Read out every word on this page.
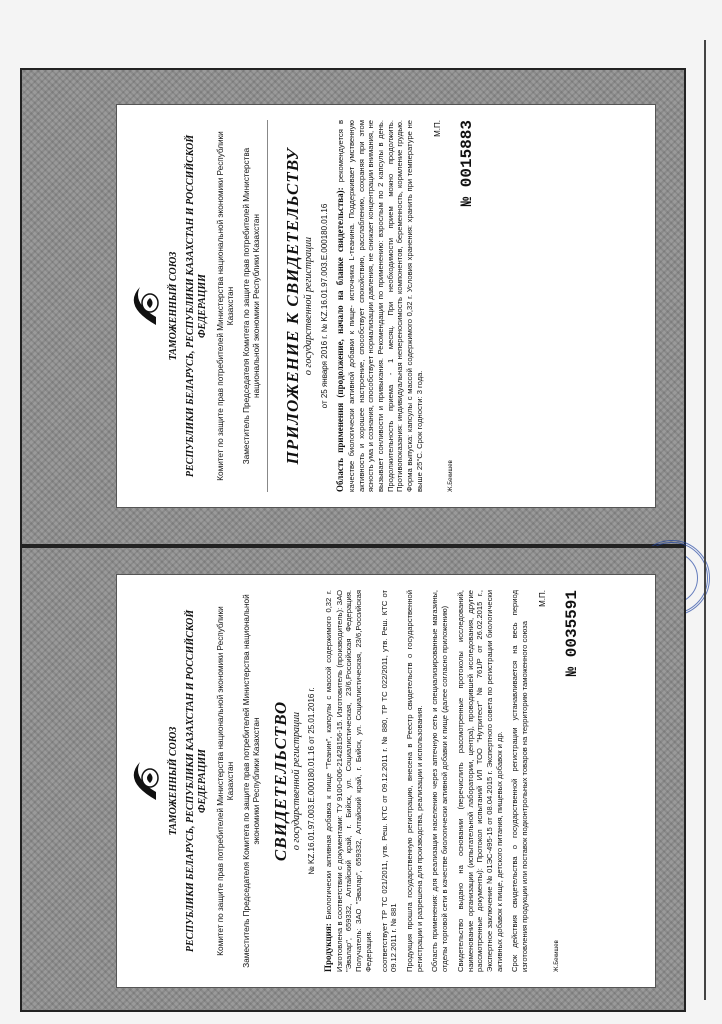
ТАМОЖЕННЫЙ СОЮЗ РЕСПУБЛИКИ БЕЛАРУСЬ, РЕСПУБЛИКИ КАЗАХСТАН И РОССИЙСКОЙ ФЕДЕРАЦИИ Комитет по защите прав потребителей Министерства национальной экономики Республики Казахстан Заместитель Председателя Комитета по защите прав потребителей Министерства национальной экономики Республики Казахстан
ПРИЛОЖЕНИЕ К СВИДЕТЕЛЬСТВУ о государственной регистрации от 25 января 2016 г. № KZ.16.01.97.003.E.000180.01.16 Область применения (продолжение, начало на бланке свидетельства): рекомендуется в качестве биологически активной добавки к пище- источника L-теанина. Поддерживает умственную активность и хорошее настроение, способствует спокойствию, расслаблению, сохраняя при этом ясность ума и сознания, способствует нормализации давления, не снижает концентрации внимания, не вызывает сонливости и привыкания. Рекомендации по применению: взрослым по 2 капсулы в день. Продолжительность приема - 1 месяц. При необходимости прием можно продолжить. Противопоказания: индивидуальная непереносимость компонентов, беременность, кормление грудью. Форма выпуска: капсулы с массой содержимого 0,32 г. Условия хранения: хранить при температуре не выше 25°С. Срок годности: 3 года.
М.П.
Ж.Бекишев
№ 0015883
ТАМОЖЕННЫЙ СОЮЗ РЕСПУБЛИКИ БЕЛАРУСЬ, РЕСПУБЛИКИ КАЗАХСТАН И РОССИЙСКОЙ ФЕДЕРАЦИИ Комитет по защите прав потребителей Министерства национальной экономики Республики Казахстан Заместитель Председателя Комитета по защите прав потребителей Министерства национальной экономики Республики Казахстан СВИДЕТЕЛЬСТВО о государственной регистрации № KZ.16.01.97.003.E.000180.01.16 от 25.01.2016 г.
Продукция: Биологически активная добавка к пище "Теанин", капсулы с массой содержимого 0,32 г. Изготовлена в соответствии с документами: ТУ 9100-006-21428156-15. Изготовитель (производитель): ЗАО "Эвалар", 659332, Алтайский край, г. Бийск, ул. Социалистическая, 23/6,Российская Федерация. Получатель: ЗАО "Эвалар", 659332, Алтайский край, г. Бийск, ул. Социалистическая, 23/6,Российская Федерация. соответствует ТР ТС 021/2011, утв. Реш. КТС от 09.12.2011 г. № 880, ТР ТС 022/2011, утв. Реш. КТС от 09.12.2011 г. № 881 Продукция прошла государственную регистрацию, внесена в Реестр свидетельств о государственной регистрации и разрешена для производства, реализации и использования. Область применения: для реализации населению через аптечную сеть и специализированные магазины, отделы торговой сети в качестве биологически активной добавки к пище (далее согласно приложению) Свидетельство выдано на основании (перечислить рассмотренные протоколы исследований, наименование организации (испытательной лаборатории, центра), проводившей исследования, другие рассмотренные документы): Протокол испытаний ИЛ ТОО "Нутритест" № 761/Р от 26.02.2015 г., Экспертное заключение № 01ЭС-495-15 от 08.04.2015 г. Экспертного совета по регистрации биологически активных добавок к пище, детского питания, пищевых добавок и др. Срок действия свидетельства о государственной регистрации устанавливается на весь период изготовления продукции или поставок подконтрольных товаров на территорию таможенного союза
М.П.
Ж.Бекишев
№ 0035591
